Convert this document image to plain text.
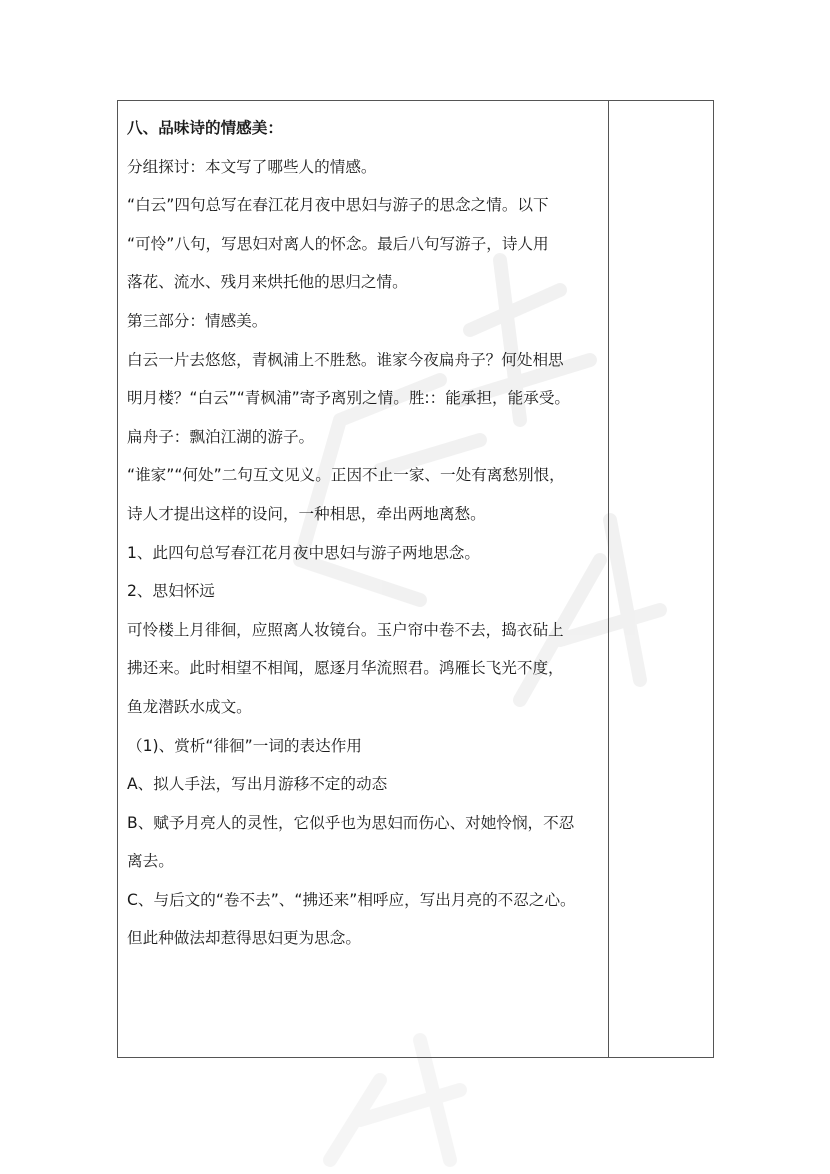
八、品味诗的情感美：
分组探讨：本文写了哪些人的情感。
“白云”四句总写在春江花月夜中思妇与游子的思念之情。以下
“可怜”八句，写思妇对离人的怀念。最后八句写游子，诗人用
落花、流水、残月来烘托他的思归之情。
第三部分：情感美。
白云一片去悠悠，青枫浦上不胜愁。谁家今夜扁舟子？何处相思
明月楼？“白云”“青枫浦”寄予离别之情。胜:：能承担，能承受。
扁舟子：飘泊江湖的游子。
“谁家”“何处”二句互文见义。正因不止一家、一处有离愁别恨，
诗人才提出这样的设问，一种相思，牵出两地离愁。
1、此四句总写春江花月夜中思妇与游子两地思念。
2、思妇怀远
可怜楼上月徘徊，应照离人妆镜台。玉户帘中卷不去，捣衣砧上
拂还来。此时相望不相闻，愿逐月华流照君。鸿雁长飞光不度，
鱼龙潜跃水成文。
（1)、赏析“徘徊”一词的表达作用
A、拟人手法，写出月游移不定的动态
B、赋予月亮人的灵性，它似乎也为思妇而伤心、对她怜悯，不忍
离去。
C、与后文的“卷不去”、“拂还来”相呼应，写出月亮的不忍之心。
但此种做法却惹得思妇更为思念。
